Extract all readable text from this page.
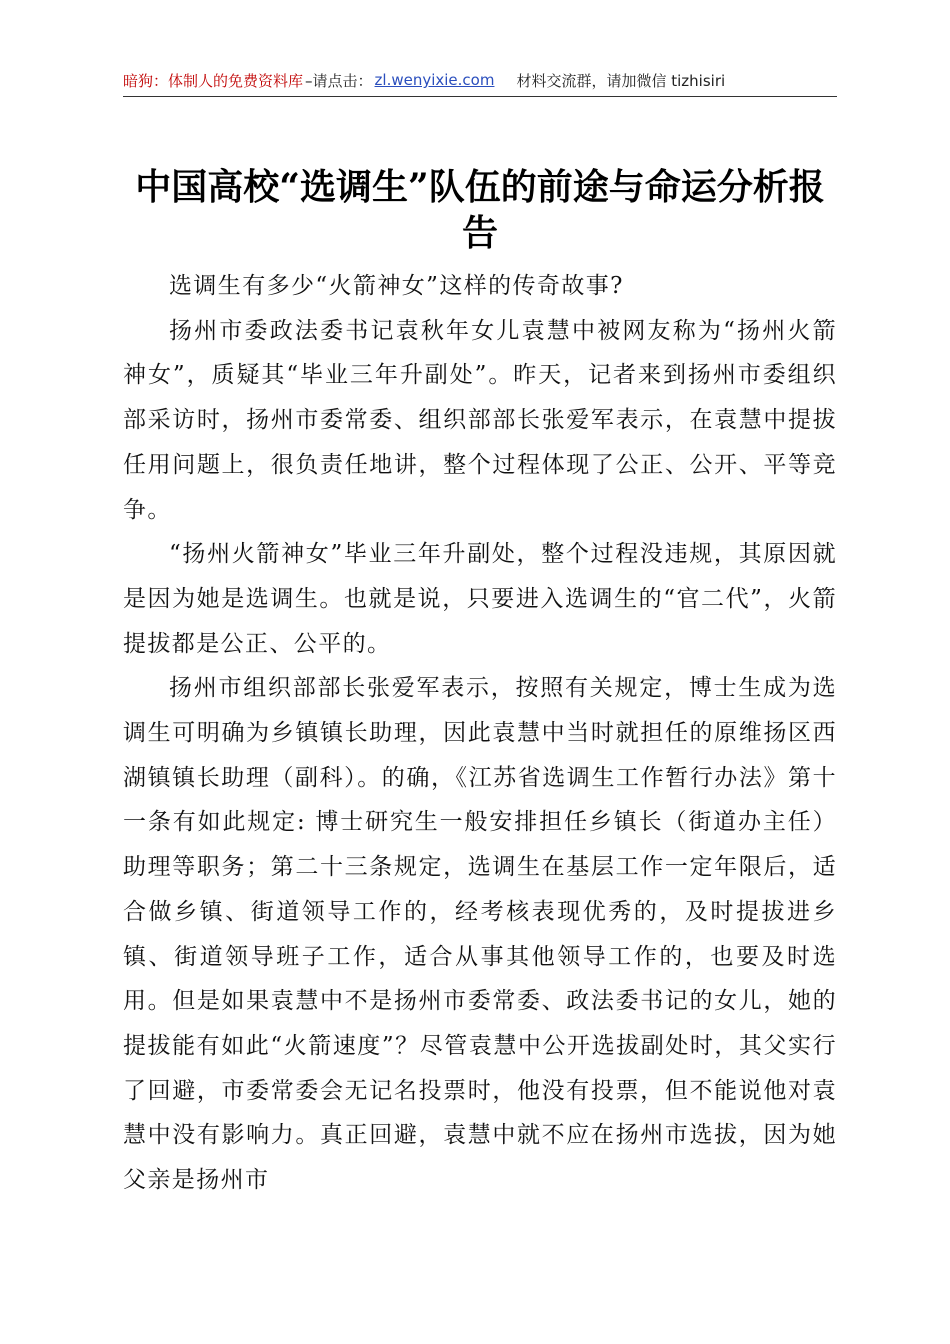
暗狗：体制人的免费资料库 –请点击： zl.wenyixie.com 材料交流群，请加微信 tizhisiri
中国高校“选调生”队伍的前途与命运分析报
告

选调生有多少“火箭神女”这样的传奇故事?

扬州市委政法委书记袁秋年女儿袁慧中被网友称为“扬州火箭神女”，质疑其“毕业三年升副处”。昨天，记者来到扬州市委组织部采访时，扬州市委常委、组织部部长张爱军表示，在袁慧中提拔任用问题上，很负责任地讲，整个过程体现了公正、公开、平等竞争。

“扬州火箭神女”毕业三年升副处，整个过程没违规，其原因就是因为她是选调生。也就是说，只要进入选调生的“官二代”，火箭提拔都是公正、公平的。

扬州市组织部部长张爱军表示，按照有关规定，博士生成为选调生可明确为乡镇镇长助理，因此袁慧中当时就担任的原维扬区西湖镇镇长助理（副科）。的确，《江苏省选调生工作暂行办法》第十一条有如此规定: 博士研究生一般安排担任乡镇长（街道办主任）助理等职务；第二十三条规定，选调生在基层工作一定年限后，适合做乡镇、街道领导工作的，经考核表现优秀的，及时提拔进乡镇、街道领导班子工作，适合从事其他领导工作的，也要及时选用。但是如果袁慧中不是扬州市委常委、政法委书记的女儿，她的提拔能有如此“火箭速度”？尽管袁慧中公开选拔副处时，其父实行了回避，市委常委会无记名投票时，他没有投票，但不能说他对袁慧中没有影响力。真正回避，袁慧中就不应在扬州市选拔，因为她父亲是扬州市
